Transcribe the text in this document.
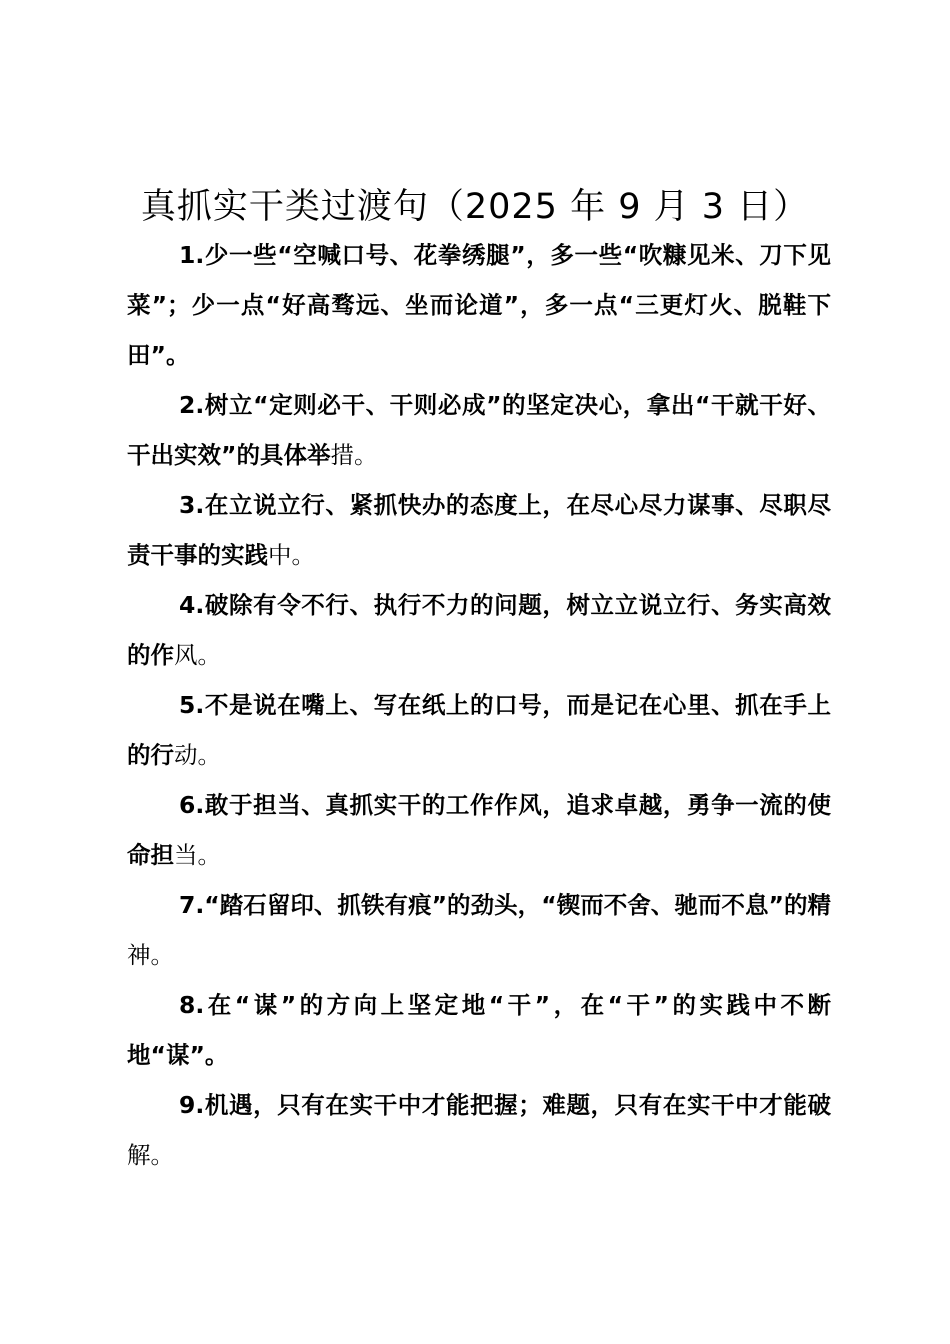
真抓实干类过渡句（2025 年 9 月 3 日）

1.少一些“空喊口号、花拳绣腿”，多一些“吹糠见米、刀下见菜”；少一点“好高骛远、坐而论道”，多一点“三更灯火、脱鞋下田”。

2.树立“定则必干、干则必成”的坚定决心，拿出“干就干好、干出实效”的具体举措。

3.在立说立行、紧抓快办的态度上，在尽心尽力谋事、尽职尽责干事的实践中。

4.破除有令不行、执行不力的问题，树立立说立行、务实高效的作风。

5.不是说在嘴上、写在纸上的口号，而是记在心里、抓在手上的行动。

6.敢于担当、真抓实干的工作作风，追求卓越，勇争一流的使命担当。

7.“踏石留印、抓铁有痕”的劲头，“锲而不舍、驰而不息”的精神。

8.在“谋”的方向上坚定地“干”，在“干”的实践中不断地“谋”。

9.机遇，只有在实干中才能把握；难题，只有在实干中才能破解。
